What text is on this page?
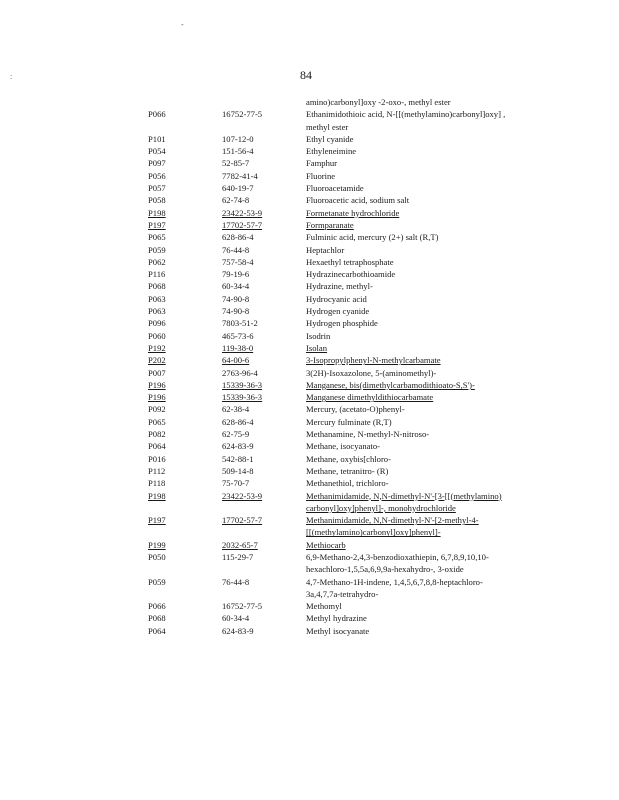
-
:	84
amino)carbonyl]oxy -2-oxo-, methyl ester
P066	16752-77-5	Ethanimidothioic acid, N-[[(methylamino)carbonyl]oxy] ,
methyl ester
P101	107-12-0	Ethyl cyanide
P054	151-56-4	Ethyleneimine
P097	52-85-7	Famphur
P056	7782-41-4	Fluorine
P057	640-19-7	Fluoroacetamide
P058	62-74-8	Fluoroacetic acid, sodium salt
P198	23422-53-9	Formetanate hydrochloride
P197	17702-57-7	Formparanate
P065	628-86-4	Fulminic acid, mercury (2+) salt (R,T)
P059	76-44-8	Heptachlor
P062	757-58-4	Hexaethyl tetraphosphate
P116	79-19-6	Hydrazinecarbothioamide
P068	60-34-4	Hydrazine, methyl-
P063	74-90-8	Hydrocyanic acid
P063	74-90-8	Hydrogen cyanide
P096	7803-51-2	Hydrogen phosphide
P060	465-73-6	Isodrin
P192	119-38-0	Isolan
P202	64-00-6	3-Isopropylphenyl-N-methylcarbamate
P007	2763-96-4	3(2H)-Isoxazolone, 5-(aminomethyl)-
P196	15339-36-3	Manganese, bis(dimethylcarbamodithioato-S,S')-
P196	15339-36-3	Manganese dimethyldithiocarbamate
P092	62-38-4	Mercury, (acetato-O)phenyl-
P065	628-86-4	Mercury fulminate (R,T)
P082	62-75-9	Methanamine, N-methyl-N-nitroso-
P064	624-83-9	Methane, isocyanato-
P016	542-88-1	Methane, oxybis[chloro-
P112	509-14-8	Methane, tetranitro- (R)
P118	75-70-7	Methanethiol, trichloro-
P198	23422-53-9	Methanimidamide, N,N-dimethyl-N'-[3-[[(methylamino)
carbonyl]oxy]phenyl]-, monohydrochloride
P197	17702-57-7	Methanimidamide, N,N-dimethyl-N'-[2-methyl-4-
[[(methylamino)carbonyl]oxy]phenyl]-
P199	2032-65-7	Methiocarb
P050	115-29-7	6,9-Methano-2,4,3-benzodioxathiepin, 6,7,8,9,10,10-
hexachloro-1,5,5a,6,9,9a-hexahydro-, 3-oxide
P059	76-44-8	4,7-Methano-1H-indene, 1,4,5,6,7,8,8-heptachloro-
3a,4,7,7a-tetrahydro-
P066	16752-77-5	Methomyl
P068	60-34-4	Methyl hydrazine
P064	624-83-9	Methyl isocyanate
